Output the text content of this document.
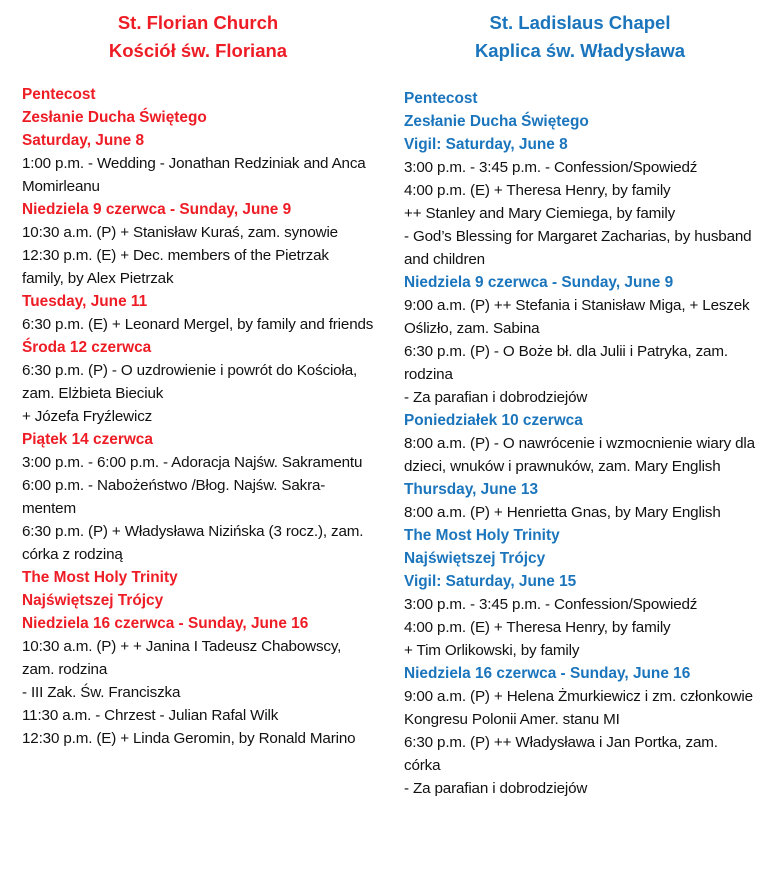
St. Florian Church
Kościół św. Floriana
Pentecost
Zesłanie Ducha Świętego
Saturday, June 8
1:00 p.m. - Wedding - Jonathan Redziniak and Anca Momirleanu
Niedziela 9 czerwca - Sunday, June 9
10:30 a.m. (P) + Stanisław Kuraś, zam. synowie
12:30 p.m. (E) + Dec. members of the Pietrzak family, by Alex Pietrzak
Tuesday, June 11
6:30 p.m. (E) + Leonard Mergel, by family and friends
Środa 12 czerwca
6:30 p.m. (P) - O uzdrowienie i powrót do Kościoła, zam. Elżbieta Bieciuk
+ Józefa Fryźlewicz
Piątek 14 czerwca
3:00 p.m. - 6:00 p.m. - Adoracja Najśw. Sakramentu
6:00 p.m. - Nabożeństwo /Błog. Najśw. Sakramentem
6:30 p.m. (P) + Władysława Nizińska (3 rocz.), zam. córka z rodziną
The Most Holy Trinity
Najświętszej Trójcy
Niedziela 16 czerwca - Sunday, June 16
10:30 a.m. (P) + + Janina I Tadeusz Chabowscy, zam. rodzina
- III Zak. Św. Franciszka
11:30 a.m. - Chrzest - Julian Rafal Wilk
12:30 p.m. (E) + Linda Geromin, by Ronald Marino
St. Ladislaus Chapel
Kaplica św. Władysława
Pentecost
Zesłanie Ducha Świętego
Vigil: Saturday, June 8
3:00 p.m. - 3:45 p.m. - Confession/Spowiedź
4:00 p.m. (E) + Theresa Henry, by family
++ Stanley and Mary Ciemiega, by family
- God’s Blessing for Margaret Zacharias, by husband and children
Niedziela 9 czerwca - Sunday, June 9
9:00 a.m. (P) ++ Stefania i Stanisław Miga, + Leszek Oślizło, zam. Sabina
6:30 p.m. (P) - O Boże bł. dla Julii i Patryka, zam. rodzina
- Za parafian i dobrodziejów
Poniedziałek 10 czerwca
8:00 a.m. (P) - O nawrócenie i wzmocnienie wiary dla dzieci, wnuków i prawnuków, zam. Mary English
Thursday, June 13
8:00 a.m. (P) + Henrietta Gnas, by Mary English
The Most Holy Trinity
Najświętszej Trójcy
Vigil: Saturday, June 15
3:00 p.m. - 3:45 p.m. - Confession/Spowiedź
4:00 p.m. (E) + Theresa Henry, by family
+ Tim Orlikowski, by family
Niedziela 16 czerwca - Sunday, June 16
9:00 a.m. (P) + Helena Żmurkiewicz i zm. członkowie Kongresu Polonii Amer. stanu MI
6:30 p.m. (P) ++ Władysława i Jan Portka, zam. córka
- Za parafian i dobrodziejów
